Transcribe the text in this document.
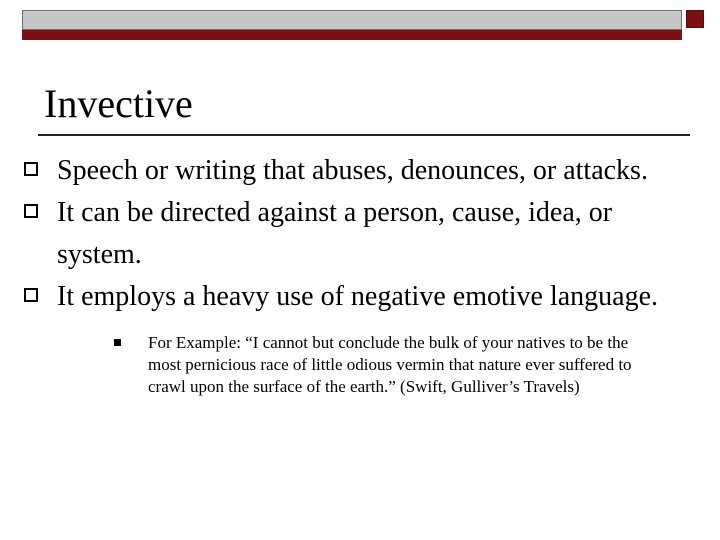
Invective
Speech or writing that abuses, denounces, or attacks.
It can be directed against a person, cause, idea, or system.
It employs a heavy use of negative emotive language.
For Example: “I cannot but conclude the bulk of your natives to be the most pernicious race of little odious vermin that nature ever suffered to crawl upon the surface of the earth.” (Swift, Gulliver’s Travels)
